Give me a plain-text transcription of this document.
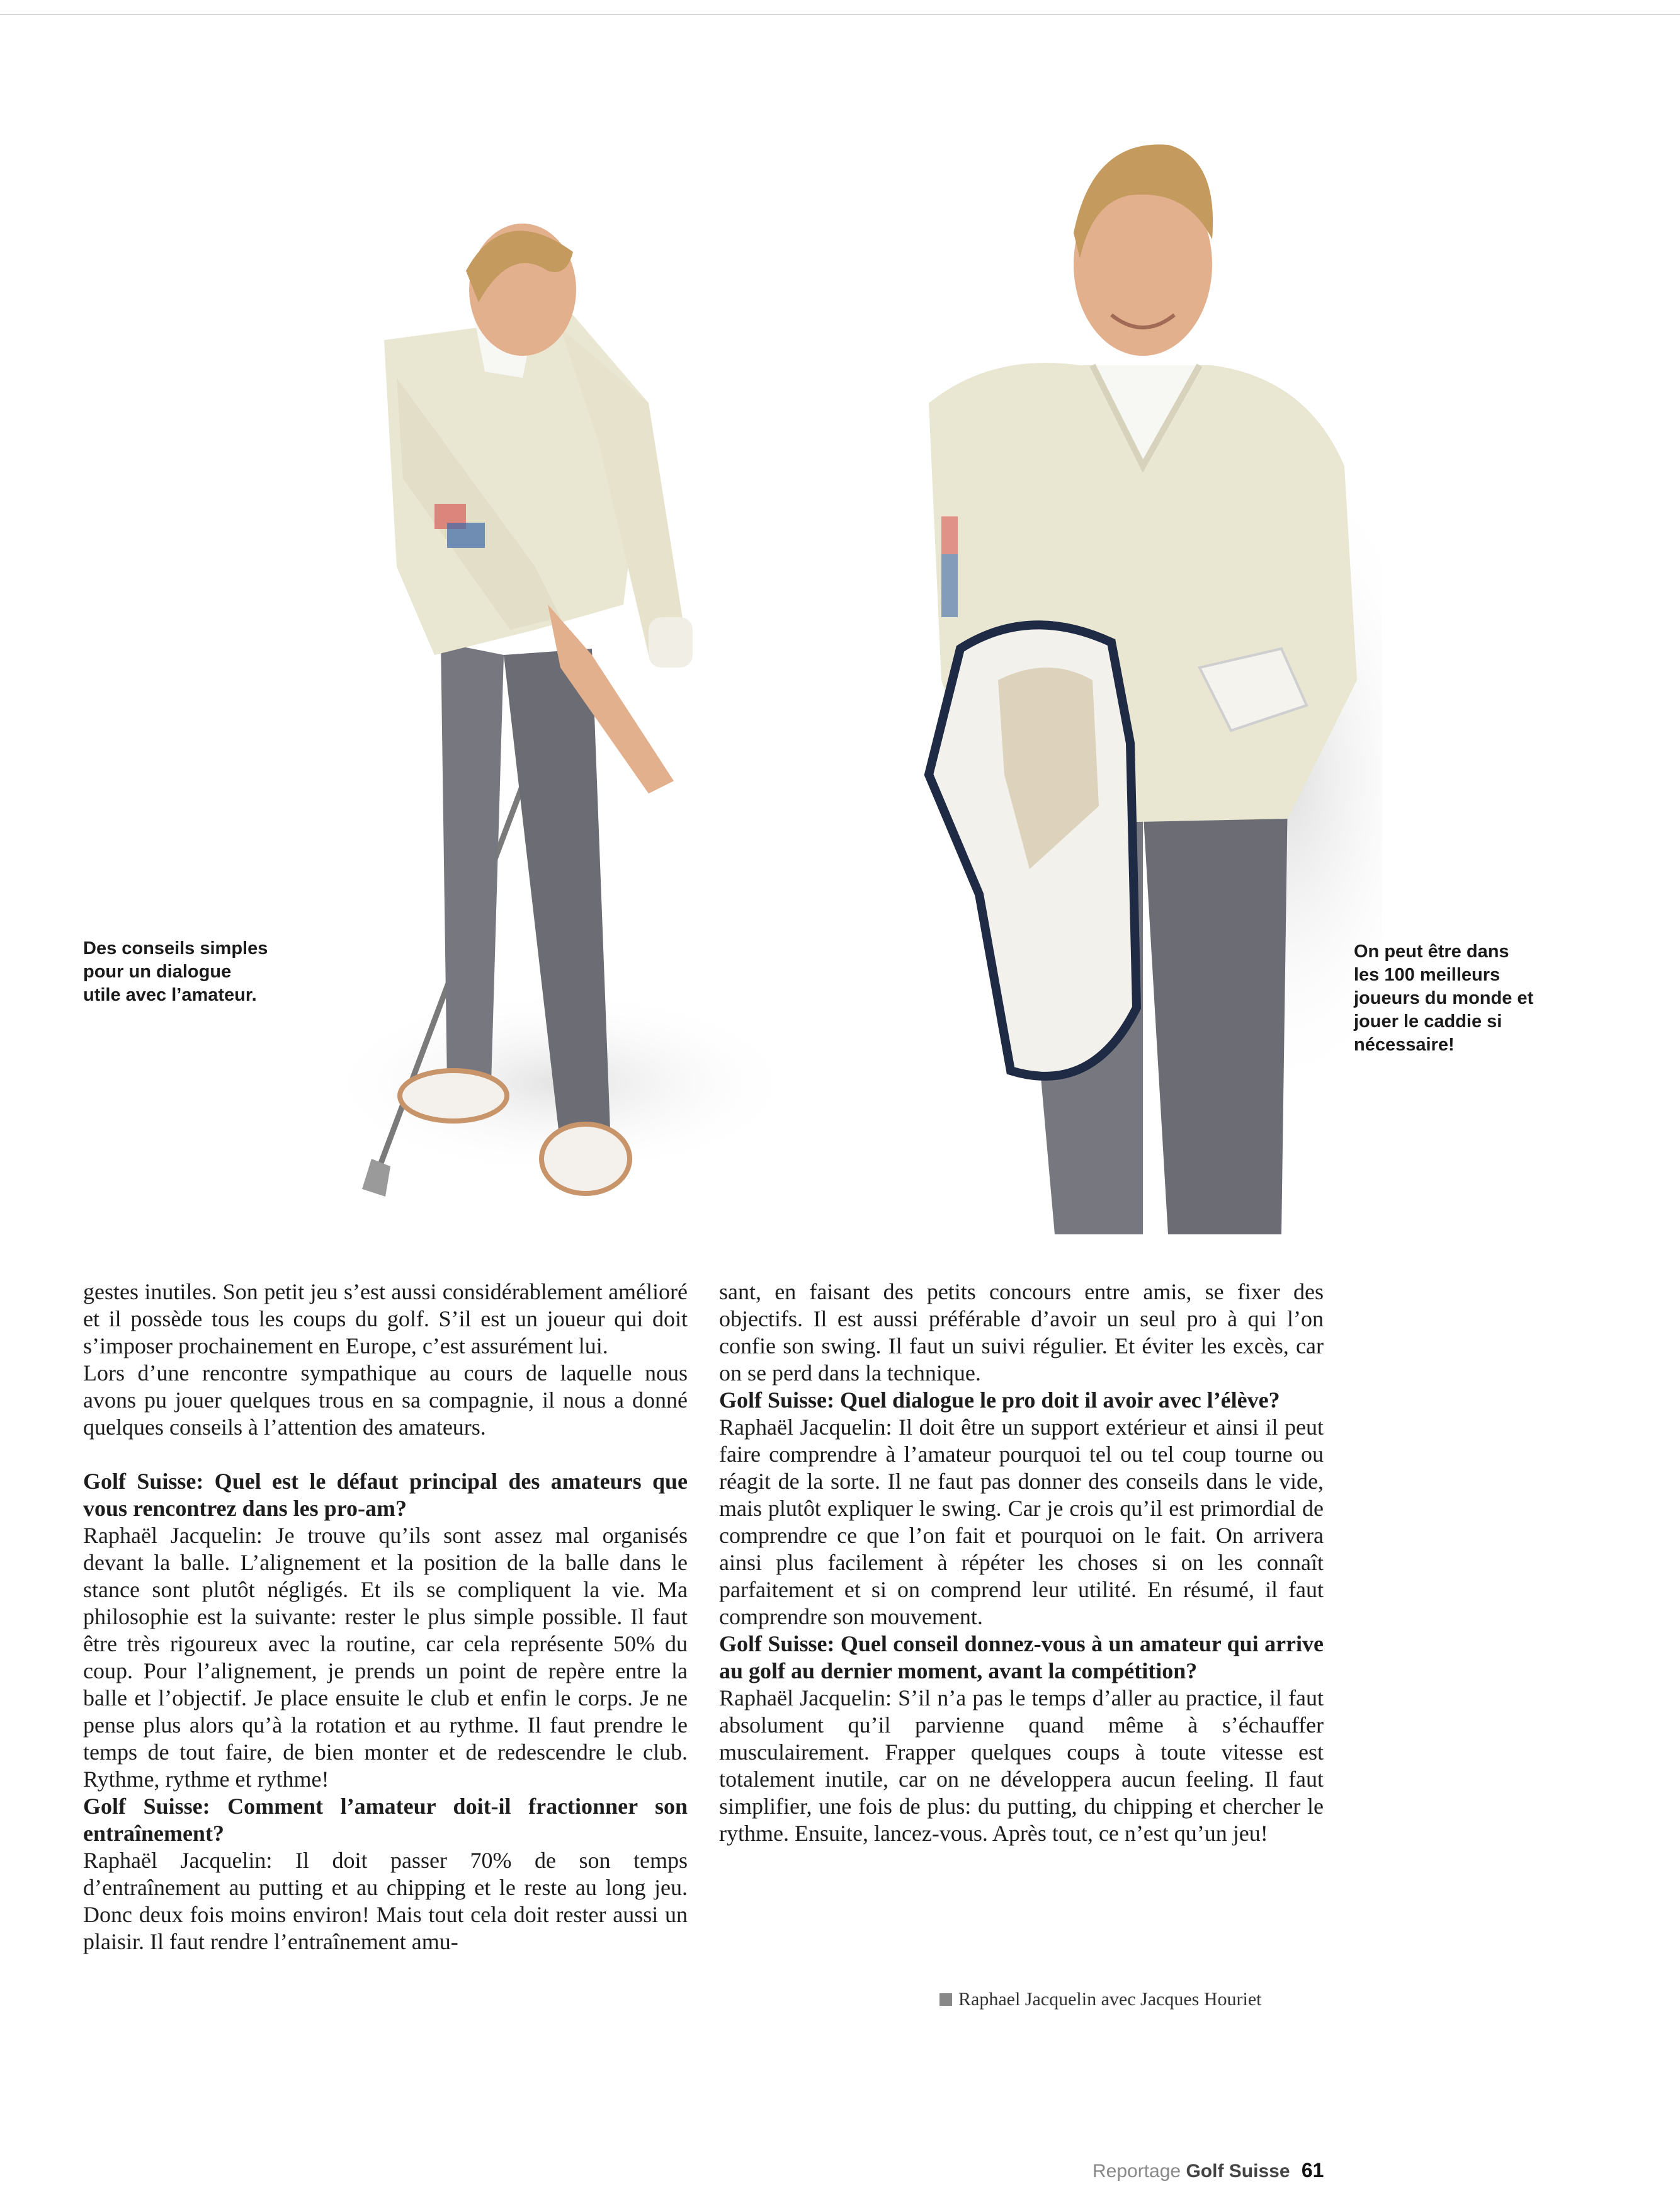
Des conseils simples pour un dialogue utile avec l’amateur.
On peut être dans les 100 meilleurs joueurs du monde et jouer le caddie si nécessaire!

gestes inutiles. Son petit jeu s’est aussi considérablement amélioré et il possède tous les coups du golf. S’il est un joueur qui doit s’imposer prochainement en Europe, c’est assurément lui.

Lors d’une rencontre sympathique au cours de laquelle nous avons pu jouer quelques trous en sa compagnie, il nous a donné quelques conseils à l’attention des amateurs.

Golf Suisse: Quel est le défaut principal des amateurs que vous rencontrez dans les pro-am?

Raphaël Jacquelin: Je trouve qu’ils sont assez mal organisés devant la balle. L’alignement et la position de la balle dans le stance sont plutôt négligés. Et ils se compliquent la vie. Ma philosophie est la suivante: rester le plus simple possible. Il faut être très rigoureux avec la routine, car cela représente 50% du coup. Pour l’alignement, je prends un point de repère entre la balle et l’objectif. Je place ensuite le club et enfin le corps. Je ne pense plus alors qu’à la rotation et au rythme. Il faut prendre le temps de tout faire, de bien monter et de redescendre le club. Rythme, rythme et rythme!

Golf Suisse: Comment l’amateur doit-il fractionner son entraînement?

Raphaël Jacquelin: Il doit passer 70% de son temps d’entraînement au putting et au chipping et le reste au long jeu. Donc deux fois moins environ! Mais tout cela doit rester aussi un plaisir. Il faut rendre l’entraînement amu-

sant, en faisant des petits concours entre amis, se fixer des objectifs. Il est aussi préférable d’avoir un seul pro à qui l’on confie son swing. Il faut un suivi régulier. Et éviter les excès, car on se perd dans la technique.

Golf Suisse: Quel dialogue le pro doit il avoir avec l’élève?

Raphaël Jacquelin: Il doit être un support extérieur et ainsi il peut faire comprendre à l’amateur pourquoi tel ou tel coup tourne ou réagit de la sorte. Il ne faut pas donner des conseils dans le vide, mais plutôt expliquer le swing. Car je crois qu’il est primordial de comprendre ce que l’on fait et pourquoi on le fait. On arrivera ainsi plus facilement à répéter les choses si on les connaît parfaitement et si on comprend leur utilité. En résumé, il faut comprendre son mouvement.

Golf Suisse: Quel conseil donnez-vous à un amateur qui arrive au golf au dernier moment, avant la compétition?

Raphaël Jacquelin: S’il n’a pas le temps d’aller au practice, il faut absolument qu’il parvienne quand même à s’échauffer musculairement. Frapper quelques coups à toute vitesse est totalement inutile, car on ne développera aucun feeling. Il faut simplifier, une fois de plus: du putting, du chipping et chercher le rythme. Ensuite, lancez-vous. Après tout, ce n’est qu’un jeu!

Raphael Jacquelin avec Jacques Houriet
Reportage Golf Suisse 61
